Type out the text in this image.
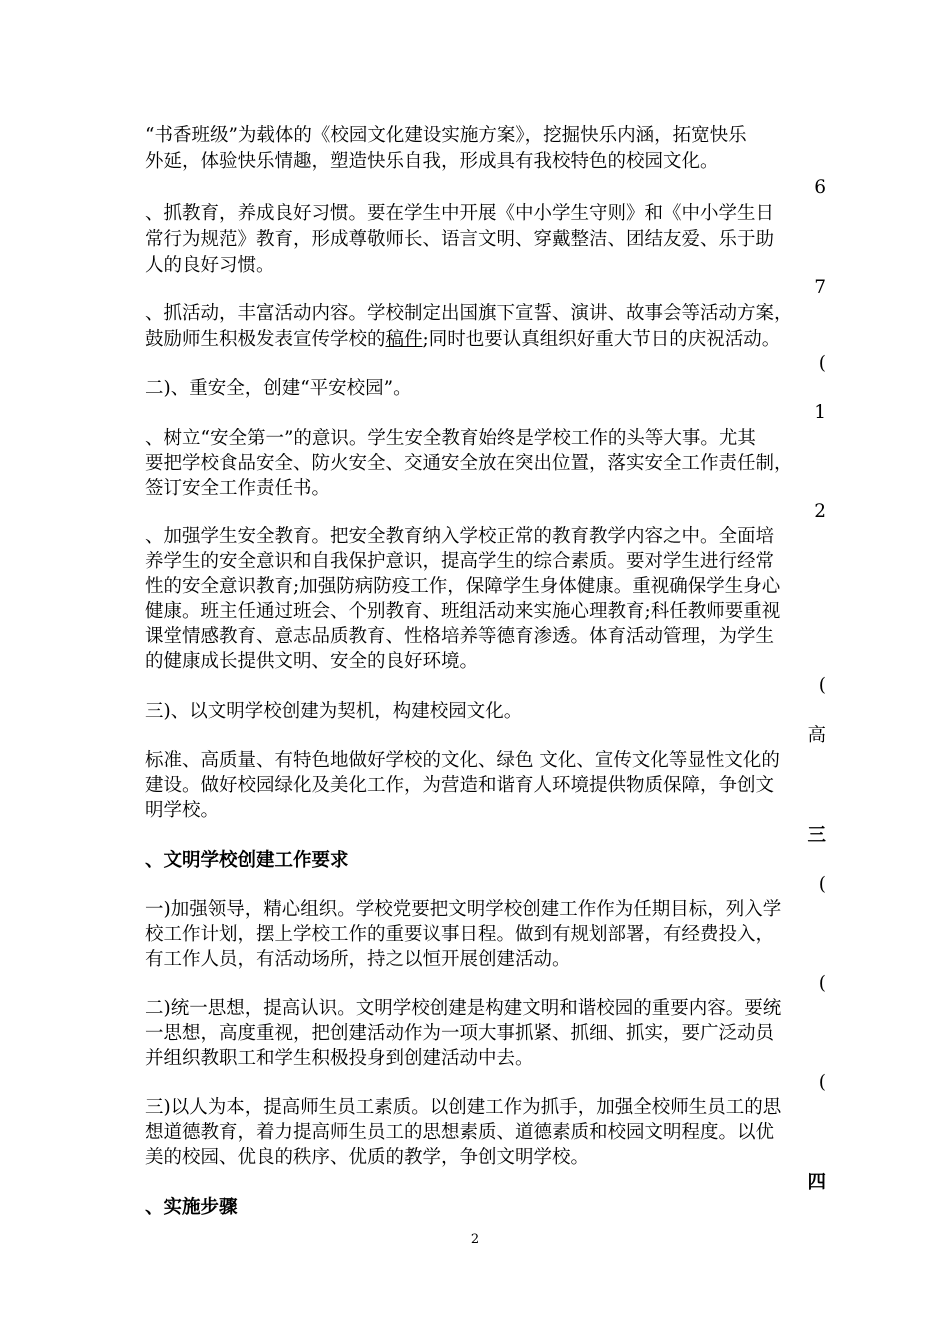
“书香班级”为载体的《校园文化建设实施方案》，挖掘快乐内涵，拓宽快乐
外延，体验快乐情趣，塑造快乐自我，形成具有我校特色的校园文化。
6
、抓教育，养成良好习惯。要在学生中开展《中小学生守则》和《中小学生日
常行为规范》教育，形成尊敬师长、语言文明、穿戴整洁、团结友爱、乐于助
人的良好习惯。
7
、抓活动，丰富活动内容。学校制定出国旗下宣誓、演讲、故事会等活动方案，
鼓励师生积极发表宣传学校的稿件;同时也要认真组织好重大节日的庆祝活动。
(
二)、重安全，创建“平安校园”。
1
、树立“安全第一”的意识。学生安全教育始终是学校工作的头等大事。尤其
要把学校食品安全、防火安全、交通安全放在突出位置，落实安全工作责任制，
签订安全工作责任书。
2
、加强学生安全教育。把安全教育纳入学校正常的教育教学内容之中。全面培
养学生的安全意识和自我保护意识，提高学生的综合素质。要对学生进行经常
性的安全意识教育;加强防病防疫工作，保障学生身体健康。重视确保学生身心
健康。班主任通过班会、个别教育、班组活动来实施心理教育;科任教师要重视
课堂情感教育、意志品质教育、性格培养等德育渗透。体育活动管理，为学生
的健康成长提供文明、安全的良好环境。
(
三)、以文明学校创建为契机，构建校园文化。
高
标准、高质量、有特色地做好学校的文化、绿色 文化、宣传文化等显性文化的
建设。做好校园绿化及美化工作，为营造和谐育人环境提供物质保障，争创文
明学校。
三
、文明学校创建工作要求
(
一)加强领导，精心组织。学校党要把文明学校创建工作作为任期目标，列入学
校工作计划，摆上学校工作的重要议事日程。做到有规划部署，有经费投入，
有工作人员，有活动场所，持之以恒开展创建活动。
(
二)统一思想，提高认识。文明学校创建是构建文明和谐校园的重要内容。要统
一思想，高度重视，把创建活动作为一项大事抓紧、抓细、抓实，要广泛动员
并组织教职工和学生积极投身到创建活动中去。
(
三)以人为本，提高师生员工素质。以创建工作为抓手，加强全校师生员工的思
想道德教育，着力提高师生员工的思想素质、道德素质和校园文明程度。以优
美的校园、优良的秩序、优质的教学，争创文明学校。
四
、实施步骤
2
